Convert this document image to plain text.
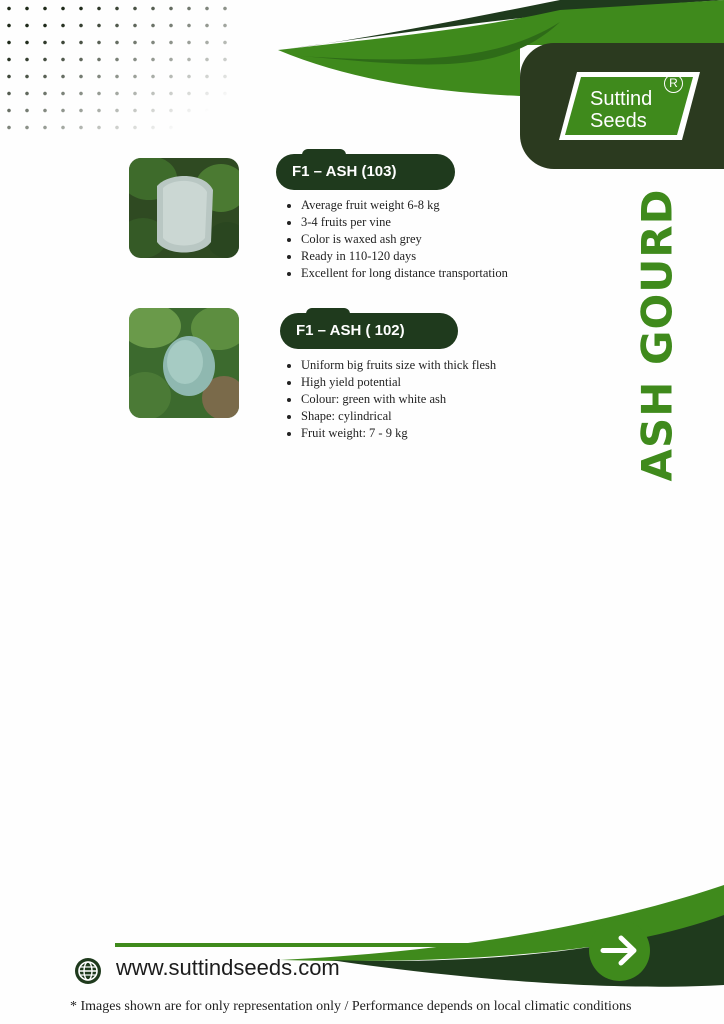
Suttind
Seeds
R
ASH GOURD
F1 – ASH (103)
• Average fruit weight 6-8 kg
• 3-4 fruits per vine
• Color is waxed ash grey
• Ready in 110-120 days
• Excellent for long distance transportation
F1 – ASH ( 102)
• Uniform big fruits size with thick flesh
• High yield potential
• Colour: green with white ash
• Shape: cylindrical
• Fruit weight: 7 - 9 kg
www.suttindseeds.com
* Images shown are for only representation only / Performance depends on local climatic conditions
